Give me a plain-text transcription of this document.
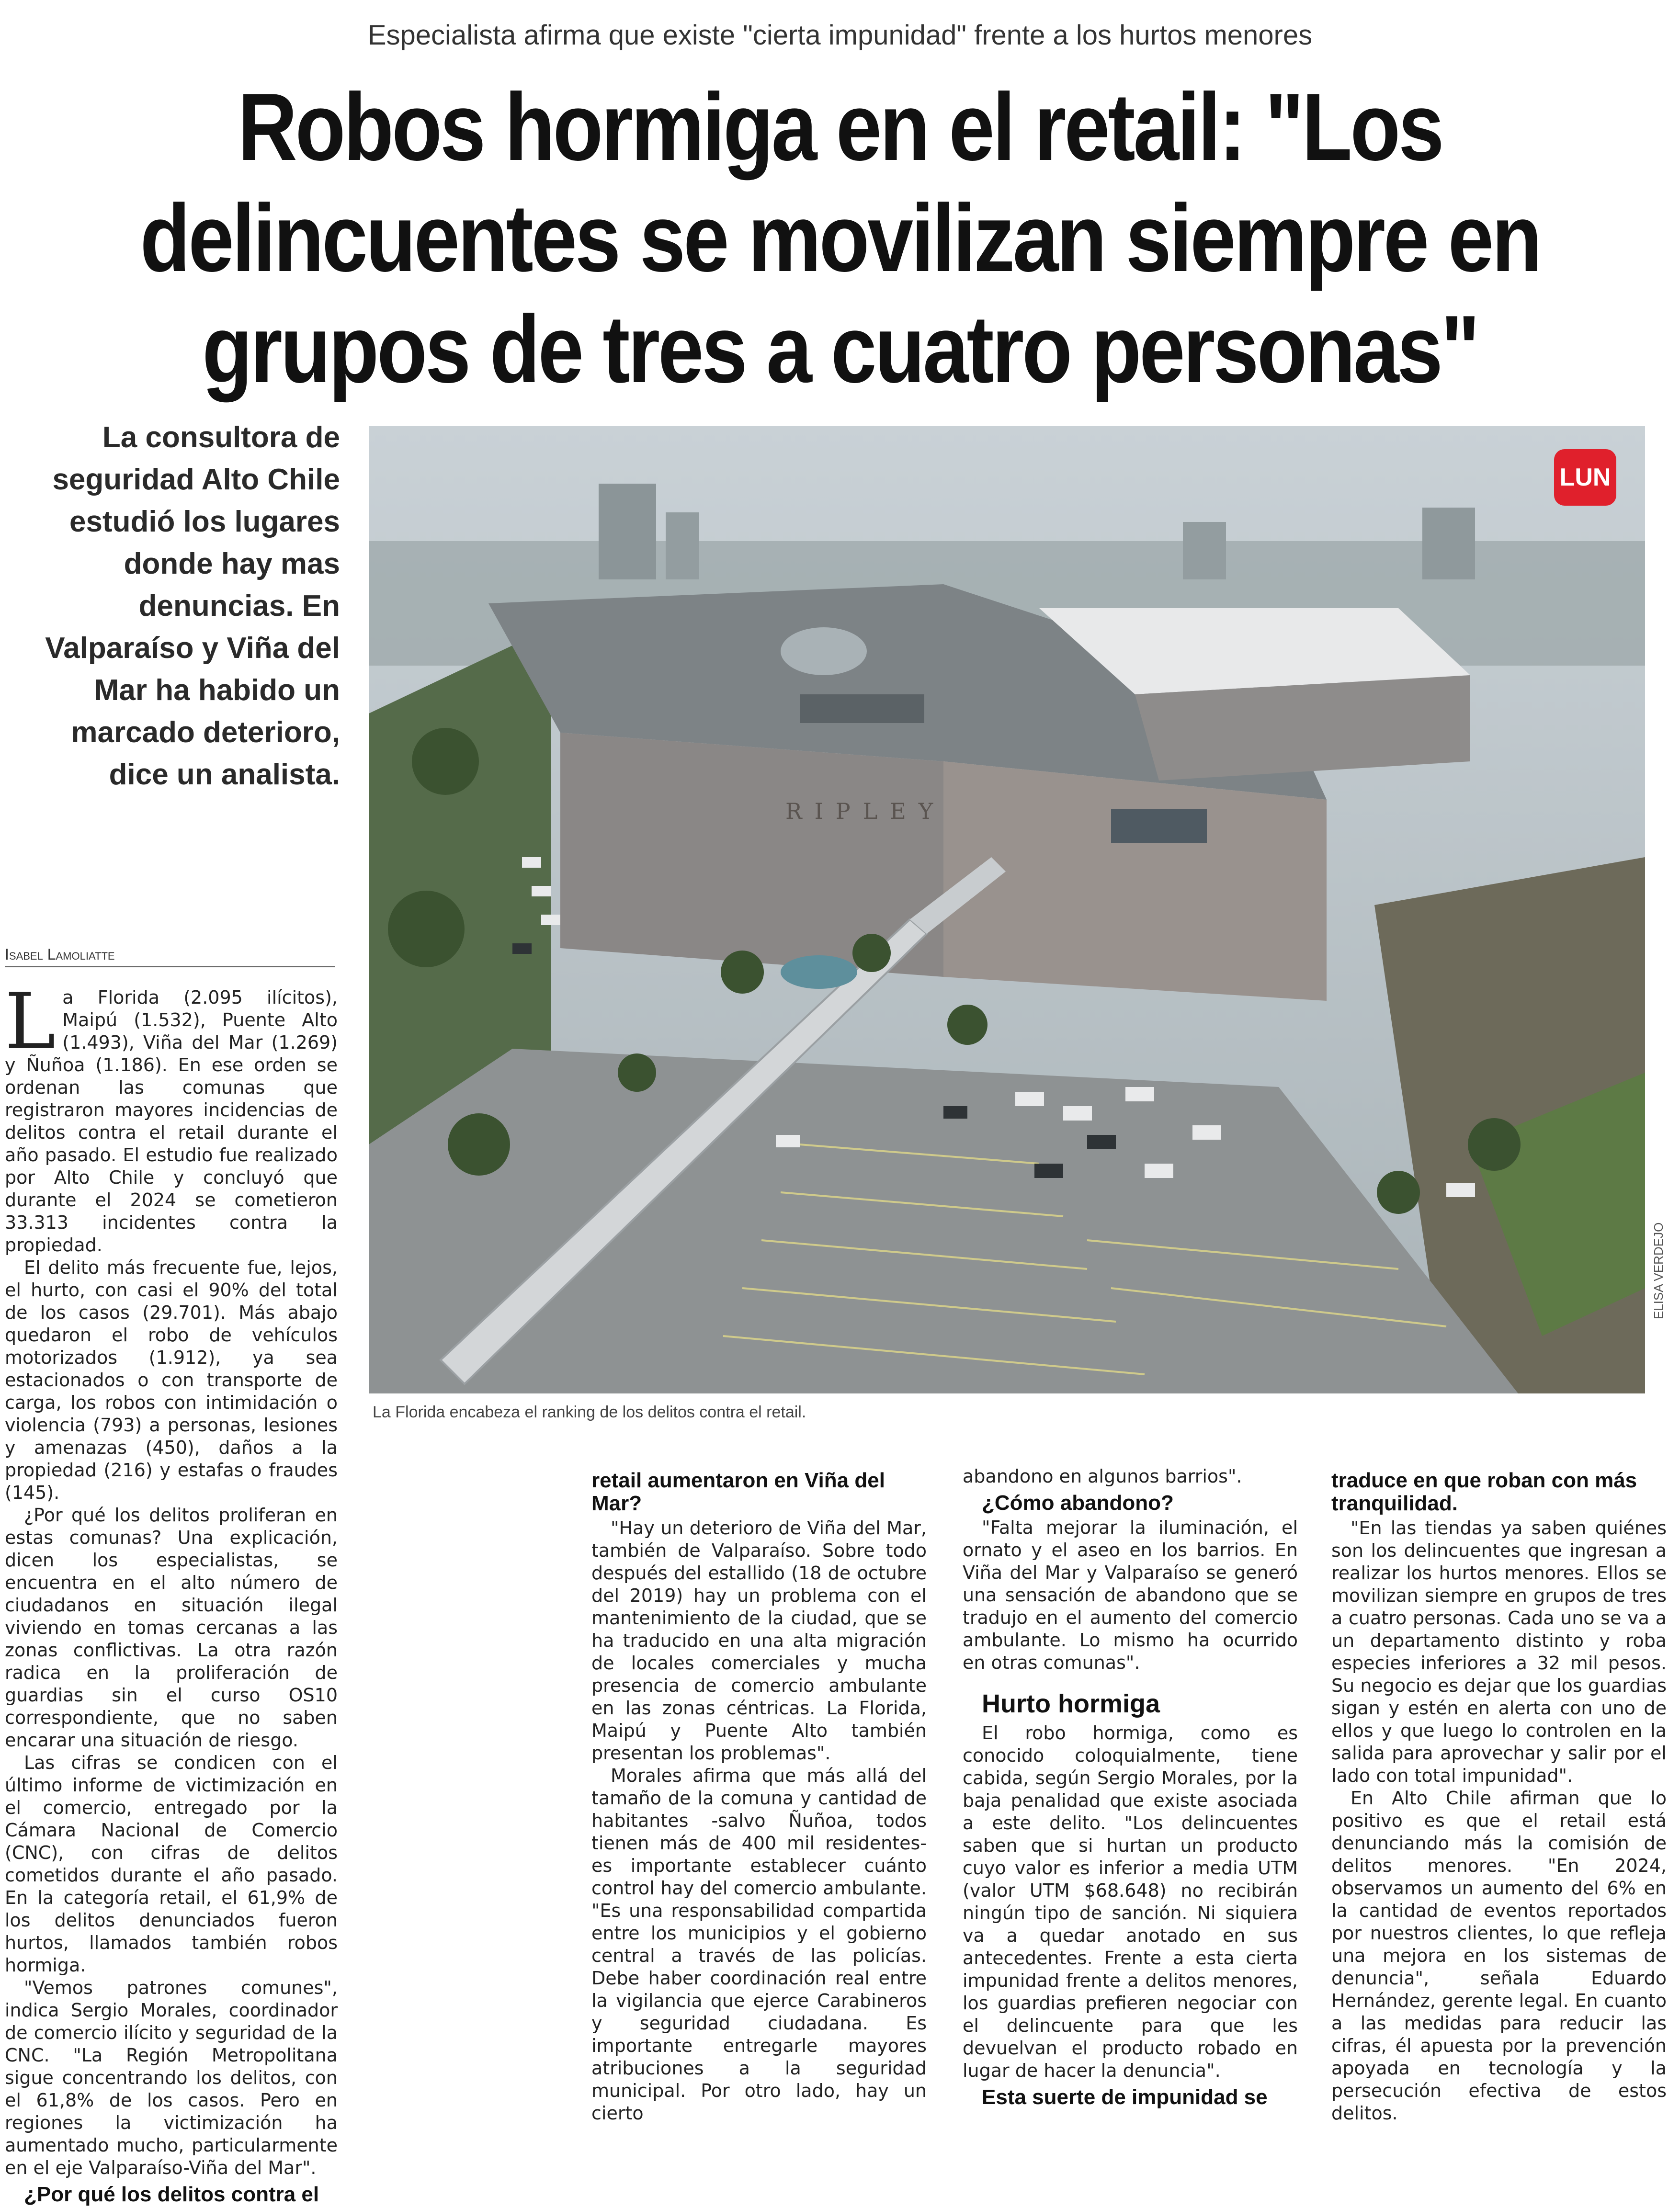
Especialista afirma que existe "cierta impunidad" frente a los hurtos menores
Robos hormiga en el retail: "Los
delincuentes se movilizan siempre en
grupos de tres a cuatro personas"

La consultora de seguridad Alto Chile estudió los lugares donde hay mas denuncias. En Valparaíso y Viña del Mar ha habido un marcado deterioro, dice un analista.

RIPLEY
LUN
ELISA VERDEJO
La Florida encabeza el ranking de los delitos contra el retail.
Isabel Lamoliatte

La Florida (2.095 ilícitos), Maipú (1.532), Puente Alto (1.493), Viña del Mar (1.269) y Ñuñoa (1.186). En ese orden se ordenan las comunas que registraron mayores incidencias de delitos contra el retail durante el año pasado. El estudio fue realizado por Alto Chile y concluyó que durante el 2024 se cometieron 33.313 incidentes contra la propiedad.

El delito más frecuente fue, lejos, el hurto, con casi el 90% del total de los casos (29.701). Más abajo quedaron el robo de vehículos motorizados (1.912), ya sea estacionados o con transporte de carga, los robos con intimidación o violencia (793) a personas, lesiones y amenazas (450), daños a la propiedad (216) y estafas o fraudes (145).

¿Por qué los delitos proliferan en estas comunas? Una explicación, dicen los especialistas, se encuentra en el alto número de ciudadanos en situación ilegal viviendo en tomas cercanas a las zonas conflictivas. La otra razón radica en la proliferación de guardias sin el curso OS10 correspondiente, que no saben encarar una situación de riesgo.

Las cifras se condicen con el último informe de victimización en el comercio, entregado por la Cámara Nacional de Comercio (CNC), con cifras de delitos cometidos durante el año pasado. En la categoría retail, el 61,9% de los delitos denunciados fueron hurtos, llamados también robos hormiga.

"Vemos patrones comunes", indica Sergio Morales, coordinador de comercio ilícito y seguridad de la CNC. "La Región Metropolitana sigue concentrando los delitos, con el 61,8% de los casos. Pero en regiones la victimización ha aumentado mucho, particularmente en el eje Valparaíso-Viña del Mar".

¿Por qué los delitos contra el
retail aumentaron en Viña del Mar?

"Hay un deterioro de Viña del Mar, también de Valparaíso. Sobre todo después del estallido (18 de octubre del 2019) hay un problema con el mantenimiento de la ciudad, que se ha traducido en una alta migración de locales comerciales y mucha presencia de comercio ambulante en las zonas céntricas. La Florida, Maipú y Puente Alto también presentan los problemas".

Morales afirma que más allá del tamaño de la comuna y cantidad de habitantes -salvo Ñuñoa, todos tienen más de 400 mil residentes- es importante establecer cuánto control hay del comercio ambulante. "Es una responsabilidad compartida entre los municipios y el gobierno central a través de las policías. Debe haber coordinación real entre la vigilancia que ejerce Carabineros y seguridad ciudadana. Es importante entregarle mayores atribuciones a la seguridad municipal. Por otro lado, hay un cierto

abandono en algunos barrios".

¿Cómo abandono?

"Falta mejorar la iluminación, el ornato y el aseo en los barrios. En Viña del Mar y Valparaíso se generó una sensación de abandono que se tradujo en el aumento del comercio ambulante. Lo mismo ha ocurrido en otras comunas".

Hurto hormiga

El robo hormiga, como es conocido coloquialmente, tiene cabida, según Sergio Morales, por la baja penalidad que existe asociada a este delito. "Los delincuentes saben que si hurtan un producto cuyo valor es inferior a media UTM (valor UTM $68.648) no recibirán ningún tipo de sanción. Ni siquiera va a quedar anotado en sus antecedentes. Frente a esta cierta impunidad frente a delitos menores, los guardias prefieren negociar con el delincuente para que les devuelvan el producto robado en lugar de hacer la denuncia".

Esta suerte de impunidad se
traduce en que roban con más tranquilidad.

"En las tiendas ya saben quiénes son los delincuentes que ingresan a realizar los hurtos menores. Ellos se movilizan siempre en grupos de tres a cuatro personas. Cada uno se va a un departamento distinto y roba especies inferiores a 32 mil pesos. Su negocio es dejar que los guardias sigan y estén en alerta con uno de ellos y que luego lo controlen en la salida para aprovechar y salir por el lado con total impunidad".

En Alto Chile afirman que lo positivo es que el retail está denunciando más la comisión de delitos menores. "En 2024, observamos un aumento del 6% en la cantidad de eventos reportados por nuestros clientes, lo que refleja una mejora en los sistemas de denuncia", señala Eduardo Hernández, gerente legal. En cuanto a las medidas para reducir las cifras, él apuesta por la prevención apoyada en tecnología y la persecución efectiva de estos delitos.
